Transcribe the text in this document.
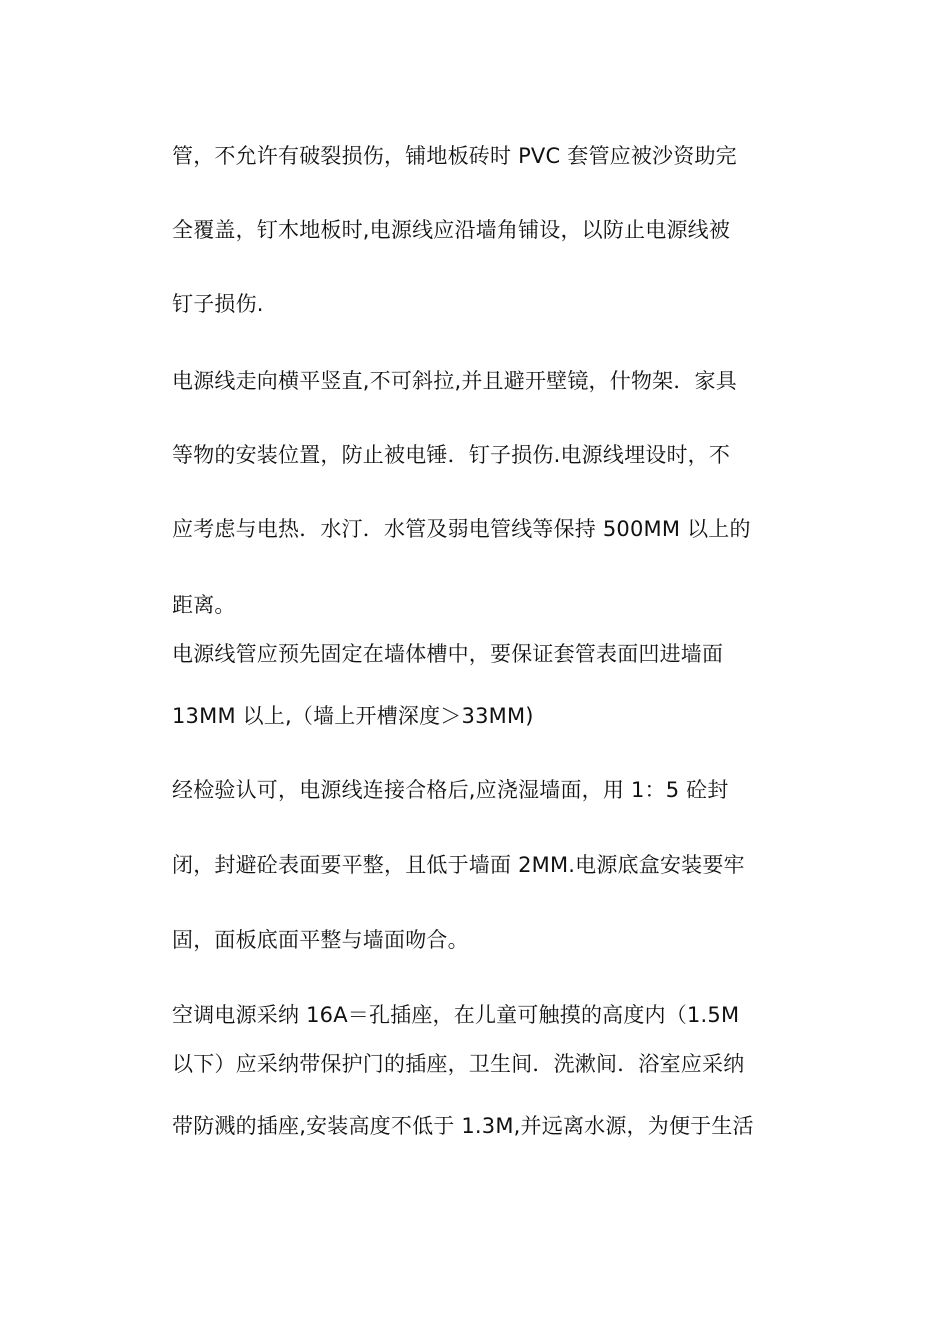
管，不允许有破裂损伤，铺地板砖时 PVC 套管应被沙资助完
全覆盖，钉木地板时,电源线应沿墙角铺设，以防止电源线被
钉子损伤.
电源线走向横平竖直,不可斜拉,并且避开壁镜，什物架．家具
等物的安装位置，防止被电锤．钉子损伤.电源线埋设时，不
应考虑与电热．水汀．水管及弱电管线等保持 500MM 以上的
距离。
电源线管应预先固定在墙体槽中，要保证套管表面凹进墙面
13MM 以上,（墙上开槽深度＞33MM)
经检验认可，电源线连接合格后,应浇湿墙面，用 1：5 砼封
闭，封避砼表面要平整，且低于墙面 2MM.电源底盒安装要牢
固，面板底面平整与墙面吻合。
空调电源采纳 16A＝孔插座，在儿童可触摸的高度内（1.5M
以下）应采纳带保护门的插座，卫生间．洗漱间．浴室应采纳
带防溅的插座,安装高度不低于 1.3M,并远离水源，为便于生活
